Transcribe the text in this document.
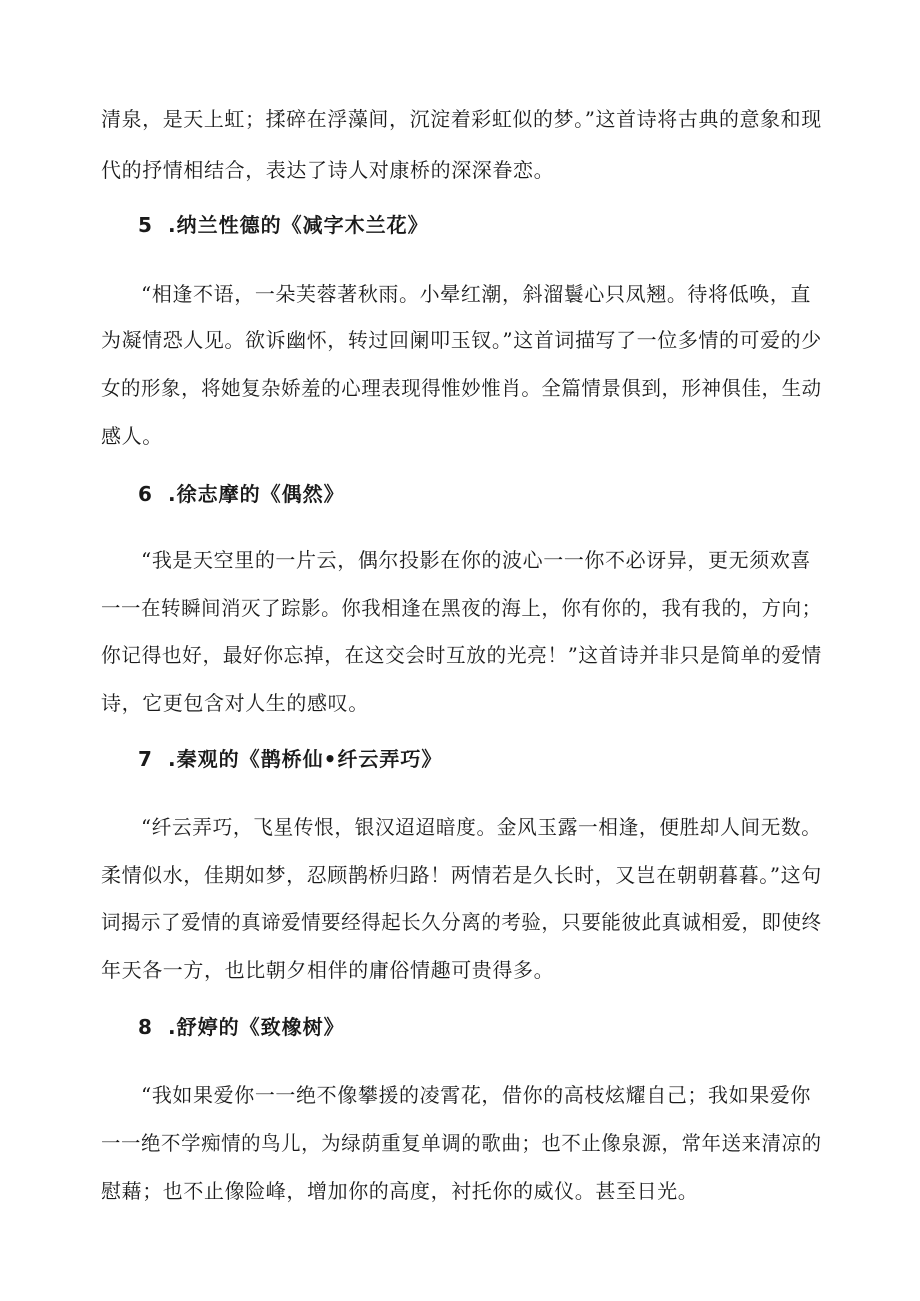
清泉，是天上虹；揉碎在浮藻间，沉淀着彩虹似的梦。”这首诗将古典的意象和现
代的抒情相结合，表达了诗人对康桥的深深眷恋。
5 .纳兰性德的《减字木兰花》
“相逢不语，一朵芙蓉著秋雨。小晕红潮，斜溜鬟心只凤翘。待将低唤，直
为凝情恐人见。欲诉幽怀，转过回阑叩玉钗。”这首词描写了一位多情的可爱的少
女的形象，将她复杂娇羞的心理表现得惟妙惟肖。全篇情景俱到，形神俱佳，生动
感人。
6 .徐志摩的《偶然》
“我是天空里的一片云，偶尔投影在你的波心一一你不必讶异，更无须欢喜
一一在转瞬间消灭了踪影。你我相逢在黑夜的海上，你有你的，我有我的，方向；
你记得也好，最好你忘掉，在这交会时互放的光亮！”这首诗并非只是简单的爱情
诗，它更包含对人生的感叹。
7 .秦观的《鹊桥仙•纤云弄巧》
“纤云弄巧，飞星传恨，银汉迢迢暗度。金风玉露一相逢，便胜却人间无数。
柔情似水，佳期如梦，忍顾鹊桥归路！两情若是久长时，又岂在朝朝暮暮。”这句
词揭示了爱情的真谛爱情要经得起长久分离的考验，只要能彼此真诚相爱，即使终
年天各一方，也比朝夕相伴的庸俗情趣可贵得多。
8 .舒婷的《致橡树》
“我如果爱你一一绝不像攀援的凌霄花，借你的高枝炫耀自己；我如果爱你
一一绝不学痴情的鸟儿，为绿荫重复单调的歌曲；也不止像泉源，常年送来清凉的
慰藉；也不止像险峰，增加你的高度，衬托你的威仪。甚至日光。
